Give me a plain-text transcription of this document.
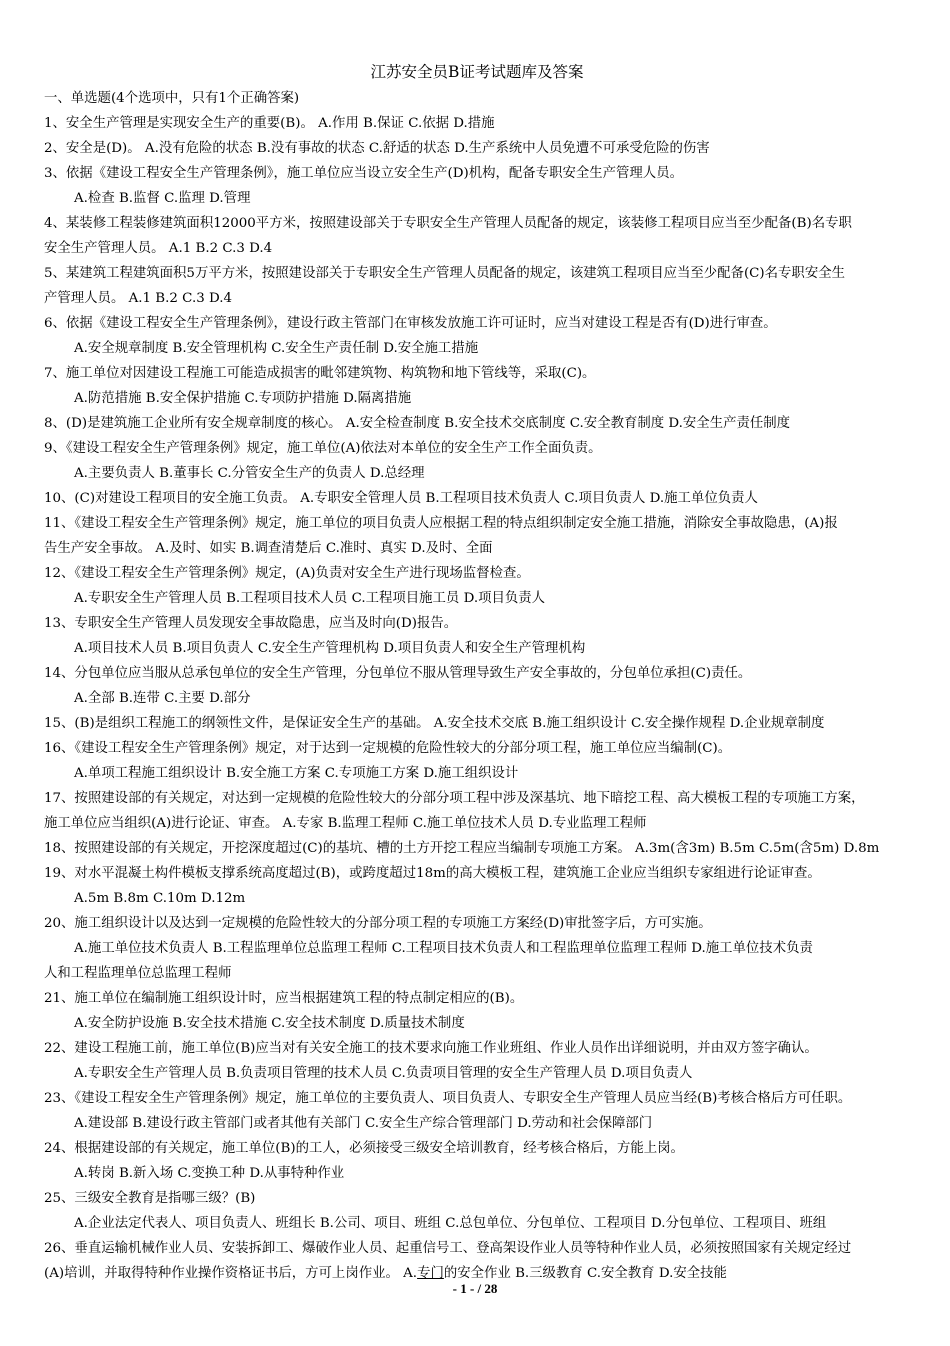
江苏安全员B证考试题库及答案
一、单选题(4个选项中，只有1个正确答案)
1、安全生产管理是实现安全生产的重要(B)。 A.作用 B.保证 C.依据 D.措施
2、安全是(D)。 A.没有危险的状态 B.没有事故的状态 C.舒适的状态 D.生产系统中人员免遭不可承受危险的伤害
3、依据《建设工程安全生产管理条例》，施工单位应当设立安全生产(D)机构，配备专职安全生产管理人员。
A.检查 B.监督 C.监理 D.管理
4、某装修工程装修建筑面积12000平方米，按照建设部关于专职安全生产管理人员配备的规定，该装修工程项目应当至少配备(B)名专职
安全生产管理人员。 A.1 B.2 C.3 D.4
5、某建筑工程建筑面积5万平方米，按照建设部关于专职安全生产管理人员配备的规定，该建筑工程项目应当至少配备(C)名专职安全生
产管理人员。 A.1 B.2 C.3 D.4
6、依据《建设工程安全生产管理条例》，建设行政主管部门在审核发放施工许可证时，应当对建设工程是否有(D)进行审查。
A.安全规章制度 B.安全管理机构 C.安全生产责任制 D.安全施工措施
7、施工单位对因建设工程施工可能造成损害的毗邻建筑物、构筑物和地下管线等，采取(C)。
A.防范措施 B.安全保护措施 C.专项防护措施 D.隔离措施
8、(D)是建筑施工企业所有安全规章制度的核心。 A.安全检查制度 B.安全技术交底制度 C.安全教育制度 D.安全生产责任制度
9、《建设工程安全生产管理条例》规定，施工单位(A)依法对本单位的安全生产工作全面负责。
A.主要负责人 B.董事长 C.分管安全生产的负责人 D.总经理
10、(C)对建设工程项目的安全施工负责。 A.专职安全管理人员 B.工程项目技术负责人 C.项目负责人 D.施工单位负责人
11、《建设工程安全生产管理条例》规定，施工单位的项目负责人应根据工程的特点组织制定安全施工措施，消除安全事故隐患，(A)报
告生产安全事故。 A.及时、如实 B.调查清楚后 C.准时、真实 D.及时、全面
12、《建设工程安全生产管理条例》规定，(A)负责对安全生产进行现场监督检查。
A.专职安全生产管理人员 B.工程项目技术人员 C.工程项目施工员 D.项目负责人
13、专职安全生产管理人员发现安全事故隐患，应当及时向(D)报告。
A.项目技术人员 B.项目负责人 C.安全生产管理机构 D.项目负责人和安全生产管理机构
14、分包单位应当服从总承包单位的安全生产管理，分包单位不服从管理导致生产安全事故的，分包单位承担(C)责任。
A.全部 B.连带 C.主要 D.部分
15、(B)是组织工程施工的纲领性文件，是保证安全生产的基础。 A.安全技术交底 B.施工组织设计 C.安全操作规程 D.企业规章制度
16、《建设工程安全生产管理条例》规定，对于达到一定规模的危险性较大的分部分项工程，施工单位应当编制(C)。
A.单项工程施工组织设计 B.安全施工方案 C.专项施工方案 D.施工组织设计
17、按照建设部的有关规定，对达到一定规模的危险性较大的分部分项工程中涉及深基坑、地下暗挖工程、高大模板工程的专项施工方案，
施工单位应当组织(A)进行论证、审查。 A.专家 B.监理工程师 C.施工单位技术人员 D.专业监理工程师
18、按照建设部的有关规定，开挖深度超过(C)的基坑、槽的土方开挖工程应当编制专项施工方案。 A.3m(含3m) B.5m C.5m(含5m) D.8m
19、对水平混凝土构件模板支撑系统高度超过(B)，或跨度超过18m的高大模板工程，建筑施工企业应当组织专家组进行论证审查。
A.5m B.8m C.10m D.12m
20、施工组织设计以及达到一定规模的危险性较大的分部分项工程的专项施工方案经(D)审批签字后，方可实施。
A.施工单位技术负责人 B.工程监理单位总监理工程师 C.工程项目技术负责人和工程监理单位监理工程师 D.施工单位技术负责
人和工程监理单位总监理工程师
21、施工单位在编制施工组织设计时，应当根据建筑工程的特点制定相应的(B)。
A.安全防护设施 B.安全技术措施 C.安全技术制度 D.质量技术制度
22、建设工程施工前，施工单位(B)应当对有关安全施工的技术要求向施工作业班组、作业人员作出详细说明，并由双方签字确认。
A.专职安全生产管理人员 B.负责项目管理的技术人员 C.负责项目管理的安全生产管理人员 D.项目负责人
23、《建设工程安全生产管理条例》规定，施工单位的主要负责人、项目负责人、专职安全生产管理人员应当经(B)考核合格后方可任职。
A.建设部 B.建设行政主管部门或者其他有关部门 C.安全生产综合管理部门 D.劳动和社会保障部门
24、根据建设部的有关规定，施工单位(B)的工人，必须接受三级安全培训教育，经考核合格后，方能上岗。
A.转岗 B.新入场 C.变换工种 D.从事特种作业
25、三级安全教育是指哪三级？(B)
A.企业法定代表人、项目负责人、班组长 B.公司、项目、班组 C.总包单位、分包单位、工程项目 D.分包单位、工程项目、班组
26、垂直运输机械作业人员、安装拆卸工、爆破作业人员、起重信号工、登高架设作业人员等特种作业人员，必须按照国家有关规定经过
(A)培训，并取得特种作业操作资格证书后，方可上岗作业。 A.专门的安全作业 B.三级教育 C.安全教育 D.安全技能
- 1 - / 28
